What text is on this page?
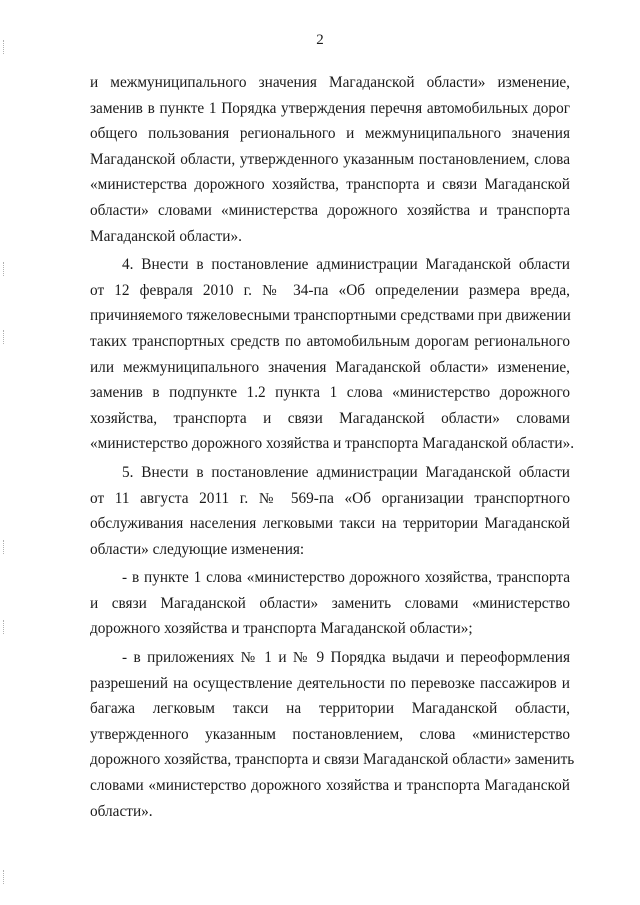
2
и межмуниципального значения Магаданской области» изменение,
заменив в пункте 1 Порядка утверждения перечня автомобильных дорог
общего пользования регионального и межмуниципального значения
Магаданской области, утвержденного указанным постановлением, слова
«министерства дорожного хозяйства, транспорта и связи Магаданской
области» словами «министерства дорожного хозяйства и транспорта
Магаданской области».
4. Внести в постановление администрации Магаданской области
от 12 февраля 2010 г. № 34-па «Об определении размера вреда,
причиняемого тяжеловесными транспортными средствами при движении
таких транспортных средств по автомобильным дорогам регионального
или межмуниципального значения Магаданской области» изменение,
заменив в подпункте 1.2 пункта 1 слова «министерство дорожного
хозяйства, транспорта и связи Магаданской области» словами
«министерство дорожного хозяйства и транспорта Магаданской области».
5. Внести в постановление администрации Магаданской области
от 11 августа 2011 г. № 569-па «Об организации транспортного
обслуживания населения легковыми такси на территории Магаданской
области» следующие изменения:
- в пункте 1 слова «министерство дорожного хозяйства, транспорта
и связи Магаданской области» заменить словами «министерство
дорожного хозяйства и транспорта Магаданской области»;
- в приложениях № 1 и № 9 Порядка выдачи и переоформления
разрешений на осуществление деятельности по перевозке пассажиров и
багажа легковым такси на территории Магаданской области,
утвержденного указанным постановлением, слова «министерство
дорожного хозяйства, транспорта и связи Магаданской области» заменить
словами «министерство дорожного хозяйства и транспорта Магаданской
области».
